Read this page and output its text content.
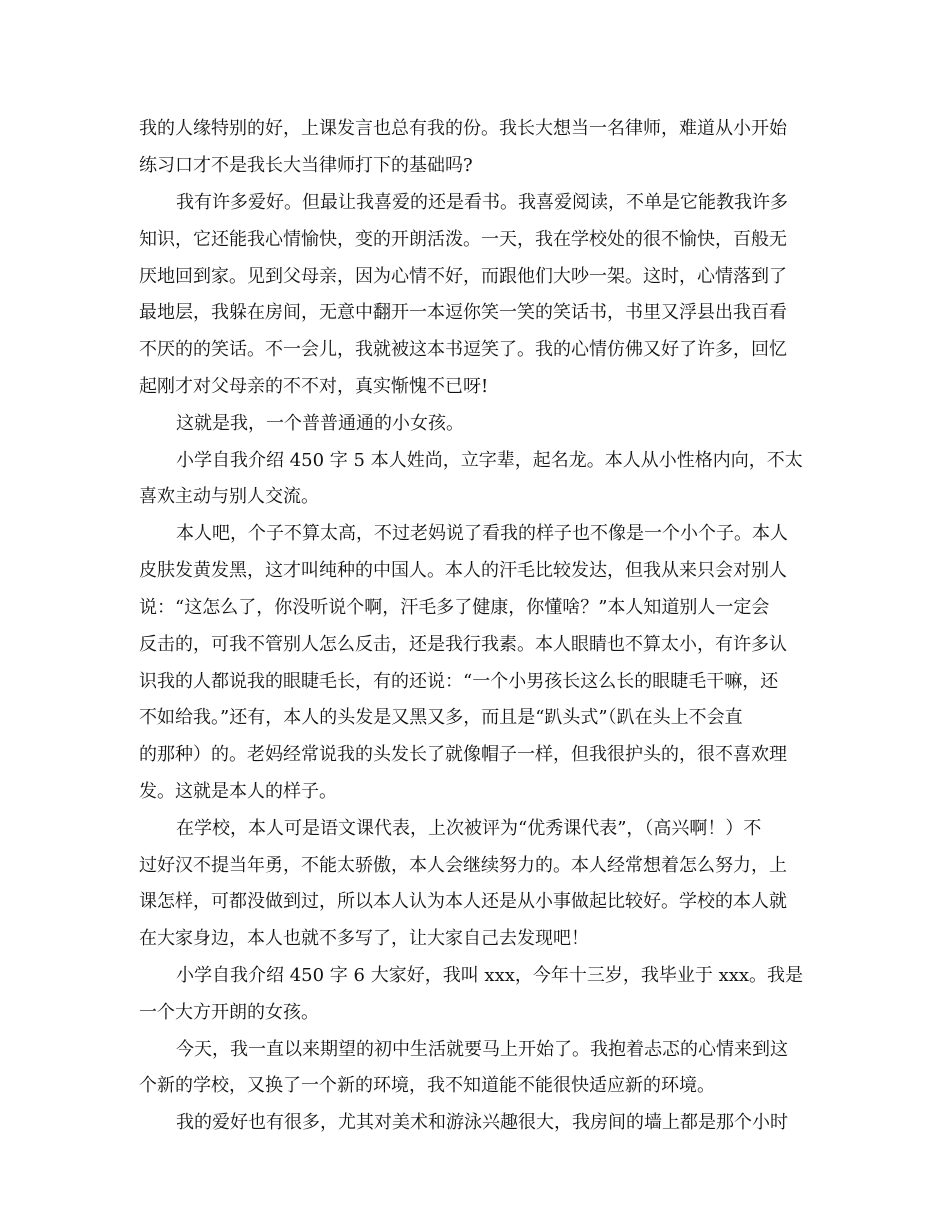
我的人缘特别的好，上课发言也总有我的份。我长大想当一名律师，难道从小开始
练习口才不是我长大当律师打下的基础吗?
我有许多爱好。但最让我喜爱的还是看书。我喜爱阅读，不单是它能教我许多
知识，它还能我心情愉快，变的开朗活泼。一天，我在学校处的很不愉快，百般无
厌地回到家。见到父母亲，因为心情不好，而跟他们大吵一架。这时，心情落到了
最地层，我躲在房间，无意中翻开一本逗你笑一笑的笑话书，书里又浮县出我百看
不厌的的笑话。不一会儿，我就被这本书逗笑了。我的心情仿佛又好了许多，回忆
起刚才对父母亲的不不对，真实惭愧不已呀!
这就是我，一个普普通通的小女孩。
小学自我介绍 450 字 5 本人姓尚，立字辈，起名龙。本人从小性格内向，不太
喜欢主动与别人交流。
本人吧，个子不算太高，不过老妈说了看我的样子也不像是一个小个子。本人
皮肤发黄发黑，这才叫纯种的中国人。本人的汗毛比较发达，但我从来只会对别人
说：“这怎么了，你没听说个啊，汗毛多了健康，你懂啥？”本人知道别人一定会
反击的，可我不管别人怎么反击，还是我行我素。本人眼睛也不算太小，有许多认
识我的人都说我的眼睫毛长，有的还说：“一个小男孩长这么长的眼睫毛干嘛，还
不如给我。”还有，本人的头发是又黑又多，而且是“趴头式”（趴在头上不会直
的那种）的。老妈经常说我的头发长了就像帽子一样，但我很护头的，很不喜欢理
发。这就是本人的样子。
在学校，本人可是语文课代表，上次被评为“优秀课代表”，（高兴啊！）不
过好汉不提当年勇，不能太骄傲，本人会继续努力的。本人经常想着怎么努力，上
课怎样，可都没做到过，所以本人认为本人还是从小事做起比较好。学校的本人就
在大家身边，本人也就不多写了，让大家自己去发现吧！
小学自我介绍 450 字 6 大家好，我叫 xxx，今年十三岁，我毕业于 xxx。我是
一个大方开朗的女孩。
今天，我一直以来期望的初中生活就要马上开始了。我抱着忐忑的心情来到这
个新的学校，又换了一个新的环境，我不知道能不能很快适应新的环境。
我的爱好也有很多，尤其对美术和游泳兴趣很大，我房间的墙上都是那个小时
